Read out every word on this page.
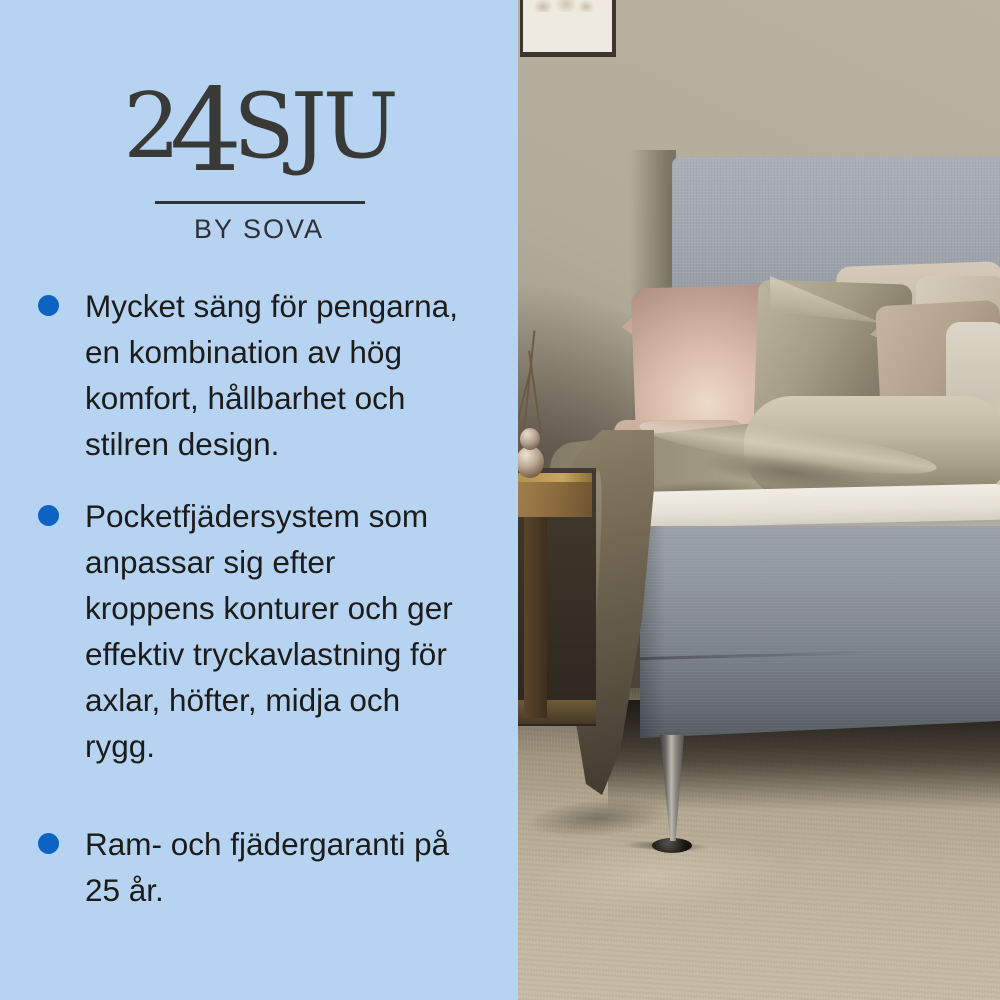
24SJU
BY SOVA
Mycket säng för pengarna, en kombination av hög komfort, hållbarhet och stilren design.
Pocketfjädersystem som anpassar sig efter kroppens konturer och ger effektiv tryckavlastning för axlar, höfter, midja och rygg.
Ram- och fjädergaranti på 25 år.
